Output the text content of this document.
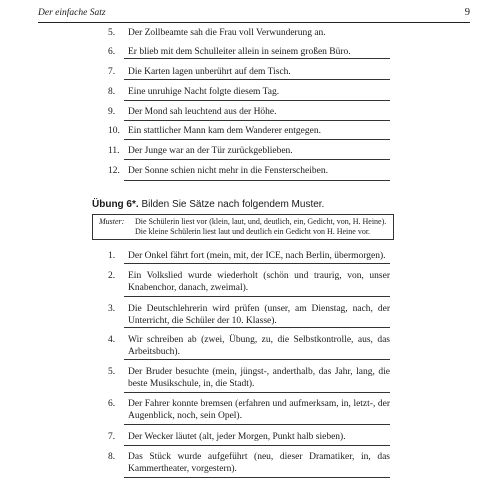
Der einfache Satz	9
5.	Der Zollbeamte sah die Frau voll Verwunderung an.
6.	Er blieb mit dem Schulleiter allein in seinem großen Büro.
7.	Die Karten lagen unberührt auf dem Tisch.
8.	Eine unruhige Nacht folgte diesem Tag.
9.	Der Mond sah leuchtend aus der Höhe.
10. Ein stattlicher Mann kam dem Wanderer entgegen.
11. Der Junge war an der Tür zurückgeblieben.
12. Der Sonne schien nicht mehr in die Fensterscheiben.
Übung 6*. Bilden Sie Sätze nach folgendem Muster.
Muster: Die Schülerin liest vor (klein, laut, und, deutlich, ein, Gedicht, von, H. Heine).
Die kleine Schülerin liest laut und deutlich ein Gedicht von H. Heine vor.
1.	Der Onkel fährt fort (mein, mit, der ICE, nach Berlin, übermorgen).
2.	Ein Volkslied wurde wiederholt (schön und traurig, von, unser Knabenchor, danach, zweimal).
3.	Die Deutschlehrerin wird prüfen (unser, am Dienstag, nach, der Unterricht, die Schüler der 10. Klasse).
4.	Wir schreiben ab (zwei, Übung, zu, die Selbstkontrolle, aus, das Arbeitsbuch).
5.	Der Bruder besuchte (mein, jüngst-, anderthalb, das Jahr, lang, die beste Musikschule, in, die Stadt).
6.	Der Fahrer konnte bremsen (erfahren und aufmerksam, in, letzt-, der Augenblick, noch, sein Opel).
7.	Der Wecker läutet (alt, jeder Morgen, Punkt halb sieben).
8.	Das Stück wurde aufgeführt (neu, dieser Dramatiker, in, das Kammertheater, vorgestern).
